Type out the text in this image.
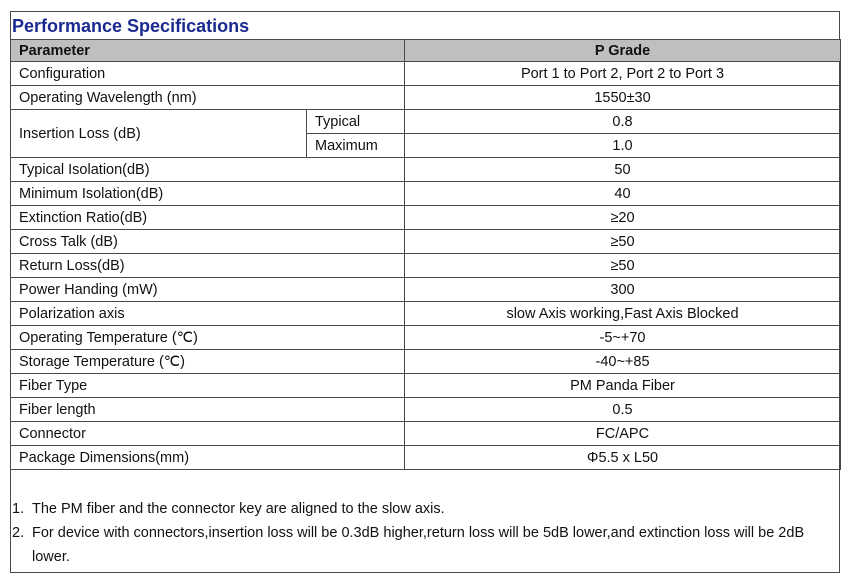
Performance Specifications
Parameter		P Grade
Configuration		Port 1 to Port 2, Port 2 to Port 3
Operating Wavelength (nm)		1550±30
Insertion Loss (dB)	Typical	0.8
	Maximum	1.0
Typical Isolation(dB)		50
Minimum Isolation(dB)		40
Extinction Ratio(dB)		≥20
Cross Talk (dB)		≥50
Return Loss(dB)		≥50
Power Handing (mW)		300
Polarization axis		slow Axis working,Fast Axis Blocked
Operating Temperature (℃)		-5~+70
Storage Temperature (℃)		-40~+85
Fiber Type		PM Panda Fiber
Fiber length		0.5
Connector		FC/APC
Package Dimensions(mm)		Φ5.5 x L50
1. The PM fiber and the connector key are aligned to the slow axis.
2. For device with connectors,insertion loss will be 0.3dB higher,return loss will be 5dB lower,and extinction loss will be 2dB lower.
